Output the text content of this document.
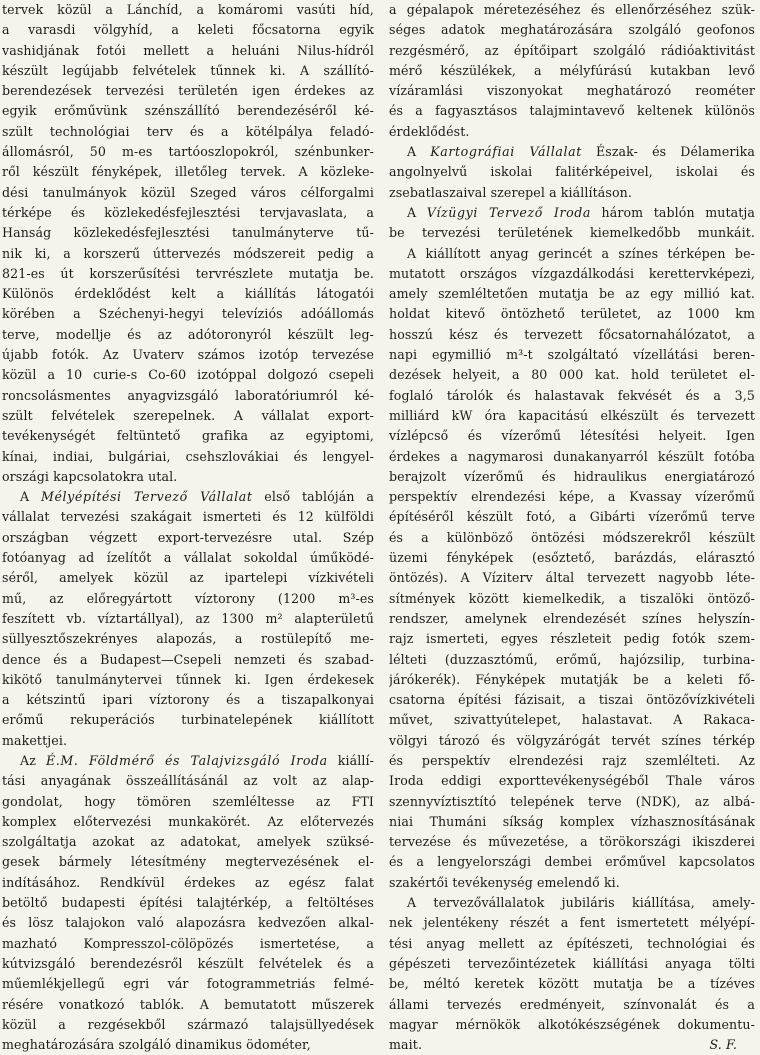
tervek közül a Lánchíd, a komáromi vasúti híd,
a varasdi völgyhíd, a keleti főcsatorna egyik
vashidjának fotói mellett a heluáni Nilus-hídról
készült legújabb felvételek tűnnek ki. A szállító-
berendezések tervezési területén igen érdekes az
egyik erőművünk szénszállító berendezéséről ké-
szült technológiai terv és a kötélpálya feladó-
állomásról, 50 m-es tartóoszlopokról, szénbunker-
ről készült fényképek, illetőleg tervek. A közleke-
dési tanulmányok közül Szeged város célforgalmi
térképe és közlekedésfejlesztési tervjavaslata, a
Hanság közlekedésfejlesztési tanulmányterve tű-
nik ki, a korszerű úttervezés módszereit pedig a
821-es út korszerűsítési tervrészlete mutatja be.
Különös érdeklődést kelt a kiállítás látogatói
körében a Széchenyi-hegyi televíziós adóállomás
terve, modellje és az adótoronyról készült leg-
újabb fotók. Az Uvaterv számos izotóp tervezése
közül a 10 curie-s Co-60 izotóppal dolgozó csepeli
roncsolásmentes anyagvizsgáló laboratóriumról ké-
szült felvételek szerepelnek. A vállalat export-
tevékenységét feltüntető grafika az egyiptomi,
kínai, indiai, bulgáriai, csehszlovákiai és lengyel-
országi kapcsolatokra utal.
A Mélyépítési Tervező Vállalat első tablóján a
vállalat tervezési szakágait ismerteti és 12 külföldi
országban végzett export-tervezésre utal. Szép
fotóanyag ad ízelítőt a vállalat sokoldal úműködé-
séről, amelyek közül az ipartelepi vízkivételi
mű, az előregyártott víztorony (1200 m³-es
feszített vb. víztartállyal), az 1300 m² alapterületű
süllyesztőszekrényes alapozás, a rostülepítő me-
dence és a Budapest—Csepeli nemzeti és szabad-
kikötő tanulmánytervei tűnnek ki. Igen érdekesek
a kétszintű ipari víztorony és a tiszapalkonyai
erőmű rekuperációs turbinatelepének kiállított
makettjei.
Az É.M. Földmérő és Talajvizsgáló Iroda kiállí-
tási anyagának összeállításánál az volt az alap-
gondolat, hogy tömören szemléltesse az FTI
komplex előtervezési munkakörét. Az előtervezés
szolgáltatja azokat az adatokat, amelyek szüksé-
gesek bármely létesítmény megtervezésének el-
indításához. Rendkívül érdekes az egész falat
betöltő budapesti építési talajtérkép, a feltöltéses
és lösz talajokon való alapozásra kedvezően alkal-
mazható Kompresszol-cölöpözés ismertetése, a
kútvizsgáló berendezésről készült felvételek és a
műemlékjellegű egri vár fotogrammetriás felmé-
résére vonatkozó tablók. A bemutatott műszerek
közül a rezgésekből származó talajsüllyedések
meghatározására szolgáló dinamikus ödométer,
a gépalapok méretezéséhez és ellenőrzéséhez szük-
séges adatok meghatározására szolgáló geofonos
rezgésmérő, az építőipart szolgáló rádióaktivitást
mérő készülékek, a mélyfúrású kutakban levő
vízáramlási viszonyokat meghatározó reométer
és a fagyasztásos talajmintavevő keltenek különös
érdeklődést.
A Kartográfiai Vállalat Észak- és Délamerika
angolnyelvű iskolai falitérképeivel, iskolai és
zsebatlaszaival szerepel a kiállításon.
A Vízügyi Tervező Iroda három tablón mutatja
be tervezési területének kiemelkedőbb munkáit.
A kiállított anyag gerincét a színes térképen be-
mutatott országos vízgazdálkodási kerettervképezi,
amely szemléltetően mutatja be az egy millió kat.
holdat kitevő öntözhető területet, az 1000 km
hosszú kész és tervezett főcsatornahálózatot, a
napi egymillió m³-t szolgáltató vízellátási beren-
dezések helyeit, a 80 000 kat. hold területet el-
foglaló tárolók és halastavak fekvését és a 3,5
milliárd kW óra kapacitású elkészült és tervezett
vízlépcső és vízerőmű létesítési helyeit. Igen
érdekes a nagymarosi dunakanyarról készült fotóba
berajzolt vízerőmű és hidraulikus energiatározó
perspektív elrendezési képe, a Kvassay vízerőmű
építéséről készült fotó, a Gibárti vízerőmű terve
és a különböző öntözési módszerekről készült
üzemi fényképek (esőztető, barázdás, elárasztó
öntözés). A Víziterv által tervezett nagyobb léte-
sítmények között kiemelkedik, a tiszalöki öntöző-
rendszer, amelynek elrendezését színes helyszín-
rajz ismerteti, egyes részleteit pedig fotók szem-
lélteti (duzzasztómű, erőmű, hajózsilip, turbina-
járókerék). Fényképek mutatják be a keleti fő-
csatorna építési fázisait, a tiszai öntözővízkivételi
művet, szivattyútelepet, halastavat. A Rakaca-
völgyi tározó és völgyzárógát tervét színes térkép
és perspektív elrendezési rajz szemlélteti. Az
Iroda eddigi exporttevékenységéből Thale város
szennyvíztisztító telepének terve (NDK), az albá-
niai Thumáni síkság komplex vízhasznosításának
tervezése és művezetése, a törökországi ikiszderei
és a lengyelországi dembei erőművel kapcsolatos
szakértői tevékenység emelendő ki.
A tervezővállalatok jubiláris kiállítása, amely-
nek jelentékeny részét a fent ismertetett mélyépí-
tési anyag mellett az építészeti, technológiai és
gépészeti tervezőintézetek kiállítási anyaga tölti
be, méltó keretek között mutatja be a tízéves
állami tervezés eredményeit, színvonalát és a
magyar mérnökök alkotókészségének dokumentu-
mait.	S. F.
